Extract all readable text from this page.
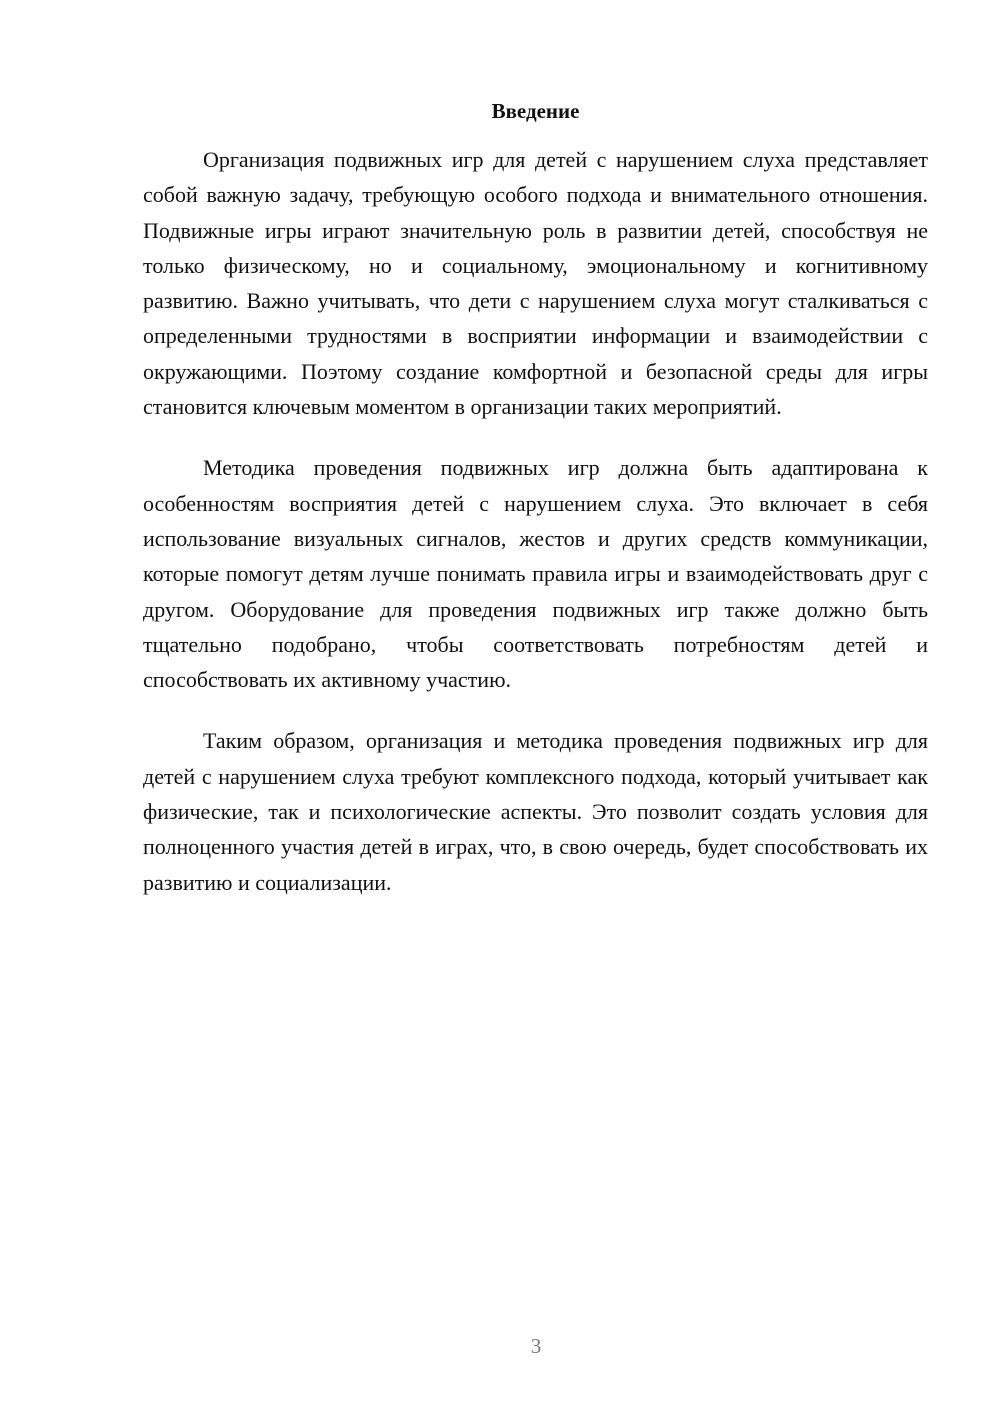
Введение

Организация подвижных игр для детей с нарушением слуха представляет собой важную задачу, требующую особого подхода и внимательного отношения. Подвижные игры играют значительную роль в развитии детей, способствуя не только физическому, но и социальному, эмоциональному и когнитивному развитию. Важно учитывать, что дети с нарушением слуха могут сталкиваться с определенными трудностями в восприятии информации и взаимодействии с окружающими. Поэтому создание комфортной и безопасной среды для игры становится ключевым моментом в организации таких мероприятий.

Методика проведения подвижных игр должна быть адаптирована к особенностям восприятия детей с нарушением слуха. Это включает в себя использование визуальных сигналов, жестов и других средств коммуникации, которые помогут детям лучше понимать правила игры и взаимодействовать друг с другом. Оборудование для проведения подвижных игр также должно быть тщательно подобрано, чтобы соответствовать потребностям детей и способствовать их активному участию.

Таким образом, организация и методика проведения подвижных игр для детей с нарушением слуха требуют комплексного подхода, который учитывает как физические, так и психологические аспекты. Это позволит создать условия для полноценного участия детей в играх, что, в свою очередь, будет способствовать их развитию и социализации.

3
